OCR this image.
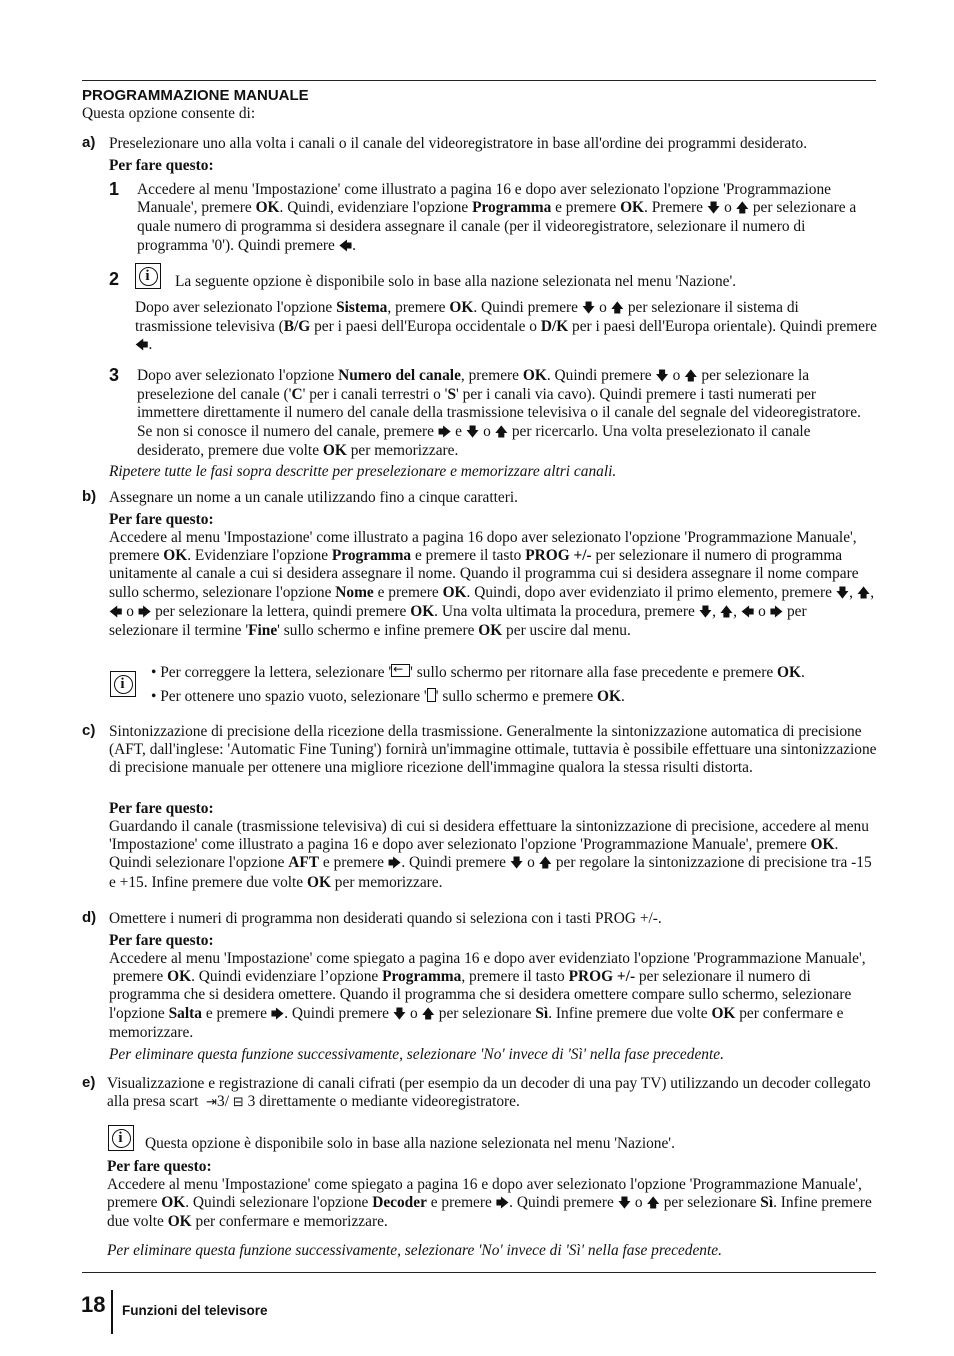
PROGRAMMAZIONE MANUALE
Questa opzione consente di:
a) Preselezionare uno alla volta i canali o il canale del videoregistratore in base all'ordine dei programmi desiderato.
Per fare questo:
1 Accedere al menu 'Impostazione' come illustrato a pagina 16 e dopo aver selezionato l'opzione 'Programmazione Manuale', premere OK. Quindi, evidenziare l'opzione Programma e premere OK. Premere 🡇 o 🡅 per selezionare a quale numero di programma si desidera assegnare il canale (per il videoregistratore, selezionare il numero di programma '0'). Quindi premere 🡄.
2	i	La seguente opzione è disponibile solo in base alla nazione selezionata nel menu 'Nazione'.
Dopo aver selezionato l'opzione Sistema, premere OK. Quindi premere 🡇 o 🡅 per selezionare il sistema di trasmissione televisiva (B/G per i paesi dell'Europa occidentale o D/K per i paesi dell'Europa orientale). Quindi premere 🡄.
3 Dopo aver selezionato l'opzione Numero del canale, premere OK. Quindi premere 🡇 o 🡅 per selezionare la preselezione del canale ('C' per i canali terrestri o 'S' per i canali via cavo). Quindi premere i tasti numerati per immettere direttamente il numero del canale della trasmissione televisiva o il canale del segnale del videoregistratore. Se non si conosce il numero del canale, premere 🡆 e 🡇 o 🡅 per ricercarlo. Una volta preselezionato il canale desiderato, premere due volte OK per memorizzare.
Ripetere tutte le fasi sopra descritte per preselezionare e memorizzare altri canali.
b) Assegnare un nome a un canale utilizzando fino a cinque caratteri.
Per fare questo:
Accedere al menu 'Impostazione' come illustrato a pagina 16 dopo aver selezionato l'opzione 'Programmazione Manuale', premere OK. Evidenziare l'opzione Programma e premere il tasto PROG +/- per selezionare il numero di programma unitamente al canale a cui si desidera assegnare il nome. Quando il programma cui si desidera assegnare il nome compare sullo schermo, selezionare l'opzione Nome e premere OK. Quindi, dopo aver evidenziato il primo elemento, premere 🡇, 🡅, 🡄 o 🡆 per selezionare la lettera, quindi premere OK. Una volta ultimata la procedura, premere 🡇, 🡅, 🡄 o 🡆 per selezionare il termine 'Fine' sullo schermo e infine premere OK per uscire dal menu.
i
• Per correggere la lettera, selezionare '← ' sullo schermo per ritornare alla fase precedente e premere OK.
• Per ottenere uno spazio vuoto, selezionare ' ' sullo schermo e premere OK.
c) Sintonizzazione di precisione della ricezione della trasmissione. Generalmente la sintonizzazione automatica di precisione (AFT, dall'inglese: 'Automatic Fine Tuning') fornirà un'immagine ottimale, tuttavia è possibile effettuare una sintonizzazione di precisione manuale per ottenere una migliore ricezione dell'immagine qualora la stessa risulti distorta.
Per fare questo:
Guardando il canale (trasmissione televisiva) di cui si desidera effettuare la sintonizzazione di precisione, accedere al menu 'Impostazione' come illustrato a pagina 16 e dopo aver selezionato l'opzione 'Programmazione Manuale', premere OK. Quindi selezionare l'opzione AFT e premere 🡆. Quindi premere 🡇 o 🡅 per regolare la sintonizzazione di precisione tra -15 e +15. Infine premere due volte OK per memorizzare.
d) Omettere i numeri di programma non desiderati quando si seleziona con i tasti PROG +/-.
Per fare questo:
Accedere al menu 'Impostazione' come spiegato a pagina 16 e dopo aver evidenziato l'opzione 'Programmazione Manuale',  premere OK. Quindi evidenziare l’opzione Programma, premere il tasto PROG +/- per selezionare il numero di programma che si desidera omettere. Quando il programma che si desidera omettere compare sullo schermo, selezionare l'opzione Salta e premere 🡆. Quindi premere 🡇 o 🡅 per selezionare Sì. Infine premere due volte OK per confermare e memorizzare.
Per eliminare questa funzione successivamente, selezionare 'No' invece di 'Sì' nella fase precedente.
e) Visualizzazione e registrazione di canali cifrati (per esempio da un decoder di una pay TV) utilizzando un decoder collegato alla presa scart  ⇥3/ ⊟ 3 direttamente o mediante videoregistratore.
i	Questa opzione è disponibile solo in base alla nazione selezionata nel menu 'Nazione'.
Per fare questo:
Accedere al menu 'Impostazione' come spiegato a pagina 16 e dopo aver selezionato l'opzione 'Programmazione Manuale', premere OK. Quindi selezionare l'opzione Decoder e premere 🡆. Quindi premere 🡇 o 🡅 per selezionare Sì. Infine premere due volte OK per confermare e memorizzare.
Per eliminare questa funzione successivamente, selezionare 'No' invece di 'Sì' nella fase precedente.
18 Funzioni del televisore
